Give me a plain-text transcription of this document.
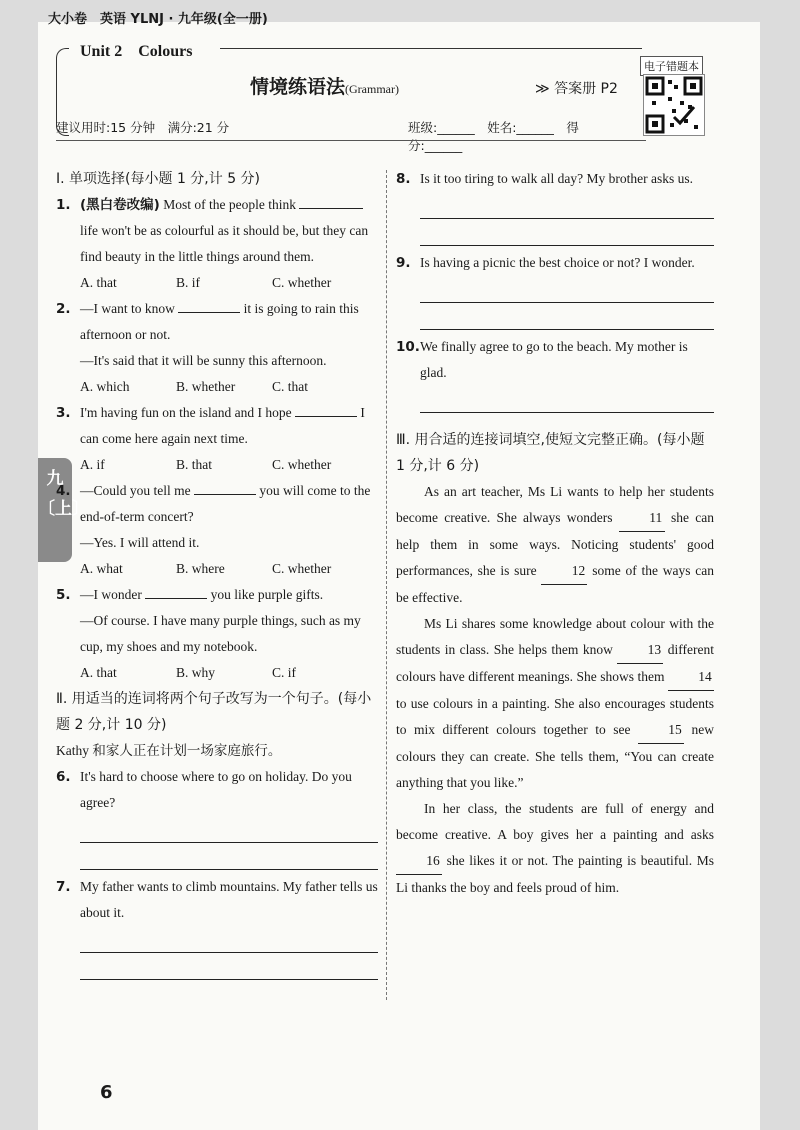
大小卷　英语 YLNJ · 九年级(全一册)
Unit 2　Colours
情境练语法(Grammar)	≫ 答案册 P2
电子错题本
建议用时:15 分钟　满分:21 分	班级:______　姓名:______　得分:______
九〔上〕
Ⅰ. 单项选择(每小题 1 分,计 5 分)
1. (黑白卷改编) Most of the people think  life won't be as colourful as it should be, but they can find beauty in the little things around them.
A. that	B. if	C. whether
2. —I want to know	it is going to rain this afternoon or not.
—It's said that it will be sunny this afternoon.
A. which	B. whether	C. that
3. I'm having fun on the island and I hope	I can come here again next time.
A. if	B. that	C. whether
4. —Could you tell me	you will come to the end-of-term concert?
—Yes. I will attend it.
A. what	B. where	C. whether
5. —I wonder	you like purple gifts.
—Of course. I have many purple things, such as my cup, my shoes and my notebook.
A. that	B. why	C. if
Ⅱ. 用适当的连词将两个句子改写为一个句子。(每小题 2 分,计 10 分)
Kathy 和家人正在计划一场家庭旅行。
6. It's hard to choose where to go on holiday. Do you agree?
7. My father wants to climb mountains. My father tells us about it.
8. Is it too tiring to walk all day? My brother asks us.
9. Is having a picnic the best choice or not? I wonder.
10. We finally agree to go to the beach. My mother is glad.
Ⅲ. 用合适的连接词填空,使短文完整正确。(每小题 1 分,计 6 分)
As an art teacher, Ms Li wants to help her students become creative. She always wonders	11 she can help them in some ways. Noticing students' good performances, she is sure	12 some of the ways can be effective.
Ms Li shares some knowledge about colour with the students in class. She helps them know	13 different colours have different meanings. She shows them	14 to use colours in a painting. She also encourages students to mix different colours together to see	15 new colours they can create. She tells them, “You can create anything that you like.”
In her class, the students are full of energy and become creative. A boy gives her a painting and asks 16 she likes it or not. The painting is beautiful. Ms Li thanks the boy and feels proud of him.
6
